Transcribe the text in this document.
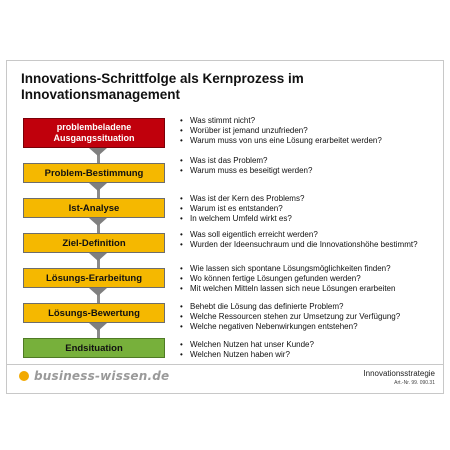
Innovations-Schrittfolge als Kernprozess im Innovationsmanagement
problembeladene Ausgangssituation
Problem-Bestimmung
Ist-Analyse
Ziel-Definition
Lösungs-Erarbeitung
Lösungs-Bewertung
Endsituation
• Was stimmt nicht?
• Worüber ist jemand unzufrieden?
• Warum muss von uns eine Lösung erarbeitet werden?
• Was ist das Problem?
• Warum muss es beseitigt werden?
• Was ist der Kern des Problems?
• Warum ist es entstanden?
• In welchem Umfeld wirkt es?
• Was soll eigentlich erreicht werden?
• Wurden der Ideensuchraum und die Innovationshöhe bestimmt?
• Wie lassen sich spontane Lösungsmöglichkeiten finden?
• Wo können fertige Lösungen gefunden werden?
• Mit welchen Mitteln lassen sich neue Lösungen erarbeiten
• Behebt die Lösung das definierte Problem?
• Welche Ressourcen stehen zur Umsetzung zur Verfügung?
• Welche negativen Nebenwirkungen entstehen?
• Welchen Nutzen hat unser Kunde?
• Welchen Nutzen haben wir?
business-wissen.de	Innovationsstrategie
Art.-Nr. 99. 090.31
